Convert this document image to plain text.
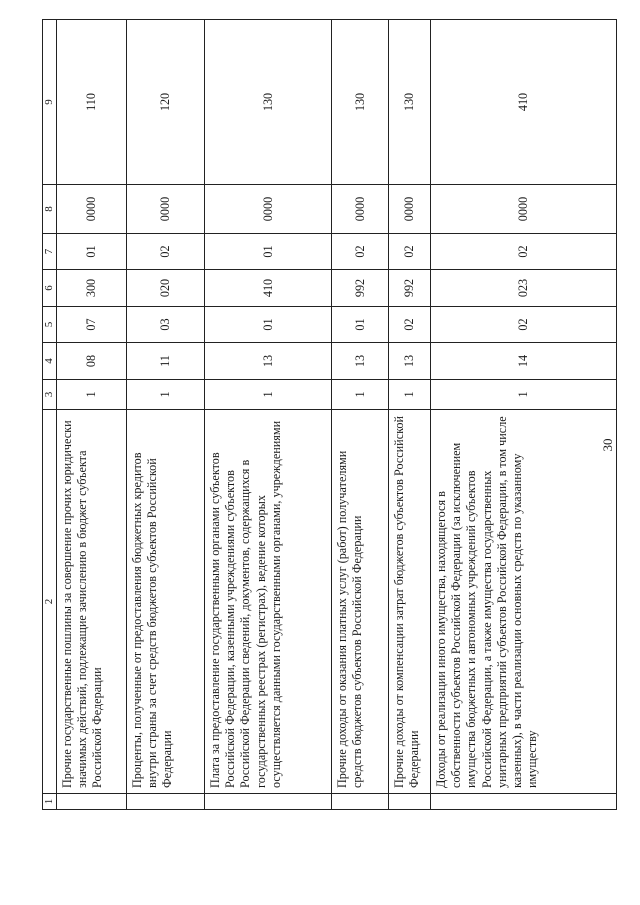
30
1	2	3	4	5	6	7	8	9
	Прочие государственные пошлины за совершение прочих юридически значимых действий, подлежащие зачислению в бюджет субъекта Российской Федерации	1	08	07	300	01	0000	110
	Проценты, полученные от предоставления бюджетных кредитов внутри страны за счет средств бюджетов субъектов Российской Федерации	1	11	03	020	02	0000	120
	Плата за предоставление государственными органами субъектов Российской Федерации, казенными учреждениями субъектов Российской Федерации сведений, документов, содержащихся в государственных реестрах (регистрах), ведение которых осуществляется данными государственными органами, учреждениями	1	13	01	410	01	0000	130
	Прочие доходы от оказания платных услуг (работ) получателями средств бюджетов субъектов Российской Федерации	1	13	01	992	02	0000	130
	Прочие доходы от компенсации затрат бюджетов субъектов Российской Федерации	1	13	02	992	02	0000	130
	Доходы от реализации иного имущества, находящегося в собственности субъектов Российской Федерации (за исключением имущества бюджетных и автономных учреждений субъектов Российской Федерации, а также имущества государственных унитарных предприятий субъектов Российской Федерации, в том числе казенных), в части реализации основных средств по указанному имуществу	1	14	02	023	02	0000	410
